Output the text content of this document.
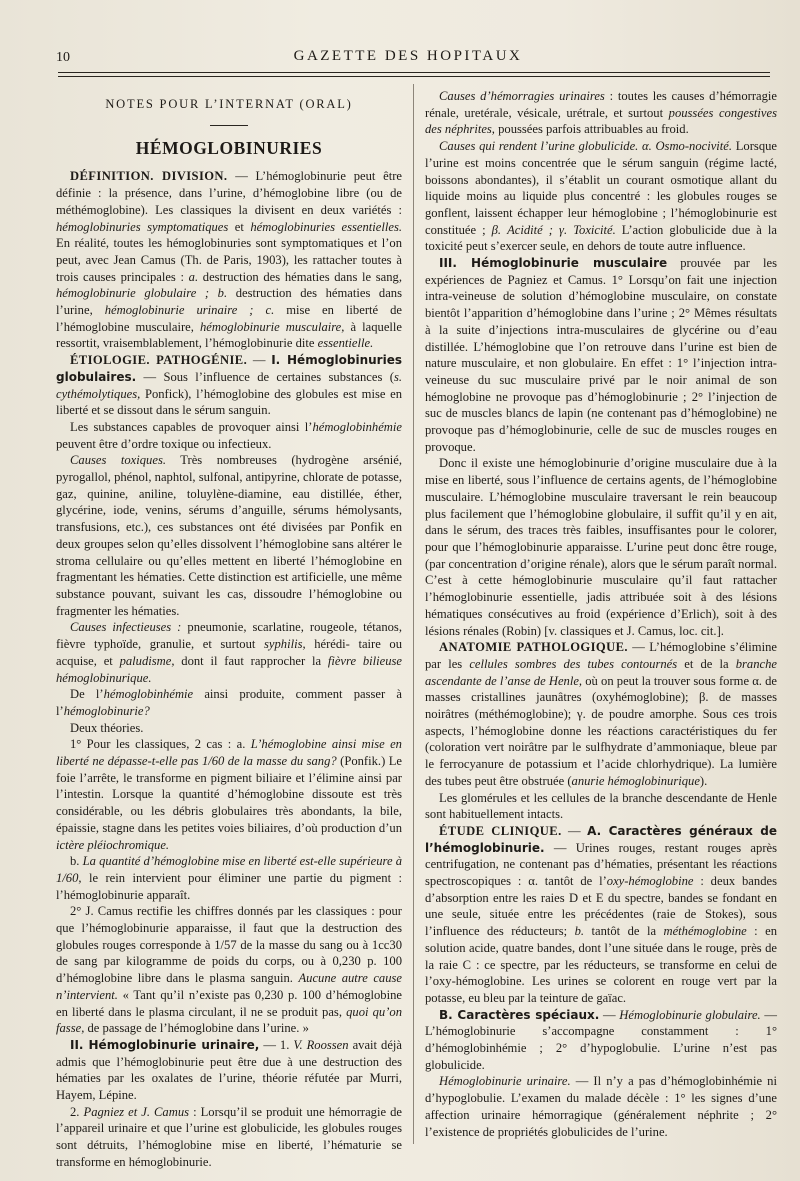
10	GAZETTE DES HOPITAUX
NOTES POUR L’INTERNAT (ORAL)
HÉMOGLOBINURIES

DÉFINITION. DIVISION. — L’hémoglobinurie peut être définie : la présence, dans l’urine, d’hémoglobine libre (ou de méthémoglobine). Les classiques la divisent en deux variétés : hémoglobinuries symptomatiques et hémoglobinuries essentielles. En réalité, toutes les hémoglobinuries sont symptomatiques et l’on peut, avec Jean Camus (Th. de Paris, 1903), les rattacher toutes à trois causes principales : a. destruction des hématies dans le sang, hémoglobinurie globulaire ; b. destruction des hématies dans l’urine, hémoglobinurie urinaire ; c. mise en liberté de l’hémoglobine musculaire, hémoglobinurie musculaire, à laquelle ressortit, vraisemblablement, l’hémoglobinurie dite essentielle.

ÉTIOLOGIE. PATHOGÉNIE. — I. Hémoglobinuries globulaires. — Sous l’influence de certaines substances (s. cythémolytiques, Ponfick), l’hémoglobine des globules est mise en liberté et se dissout dans le sérum sanguin.

Les substances capables de provoquer ainsi l’hémoglobinhémie peuvent être d’ordre toxique ou infectieux.

Causes toxiques. Très nombreuses (hydrogène arsénié, pyrogallol, phénol, naphtol, sulfonal, antipyrine, chlorate de potasse, gaz, quinine, aniline, toluylène-diamine, eau distillée, éther, glycérine, iode, venins, sérums d’anguille, sérums hémolysants, transfusions, etc.), ces substances ont été divisées par Ponfik en deux groupes selon qu’elles dissolvent l’hémoglobine sans altérer le stroma cellulaire ou qu’elles mettent en liberté l’hémoglobine en fragmentant les hématies. Cette distinction est artificielle, une même substance pouvant, suivant les cas, dissoudre l’hémoglobine ou fragmenter les hématies.

Causes infectieuses : pneumonie, scarlatine, rougeole, tétanos, fièvre typhoïde, granulie, et surtout syphilis, hérédi- taire ou acquise, et paludisme, dont il faut rapprocher la fièvre bilieuse hémoglobinurique.

De l’hémoglobinhémie ainsi produite, comment passer à l’hémoglobinurie?

Deux théories.

1° Pour les classiques, 2 cas : a. L’hémoglobine ainsi mise en liberté ne dépasse-t-elle pas 1/60 de la masse du sang? (Ponfik.) Le foie l’arrête, le transforme en pigment biliaire et l’élimine ainsi par l’intestin. Lorsque la quantité d’hémoglobine dissoute est très considérable, ou les débris globulaires très abondants, la bile, épaissie, stagne dans les petites voies biliaires, d’où production d’un ictère pléiochromique.

b. La quantité d’hémoglobine mise en liberté est-elle supérieure à 1/60, le rein intervient pour éliminer une partie du pigment : l’hémoglobinurie apparaît.

2° J. Camus rectifie les chiffres donnés par les classiques : pour que l’hémoglobinurie apparaisse, il faut que la destruction des globules rouges corresponde à 1/57 de la masse du sang ou à 1cc30 de sang par kilogramme de poids du corps, ou à 0,230 p. 100 d’hémoglobine libre dans le plasma sanguin. Aucune autre cause n’intervient. « Tant qu’il n’existe pas 0,230 p. 100 d’hémoglobine en liberté dans le plasma circulant, il ne se produit pas, quoi qu’on fasse, de passage de l’hémoglobine dans l’urine. »

II. Hémoglobinurie urinaire, — 1. V. Roossen avait déjà admis que l’hémoglobinurie peut être due à une destruction des hématies par les oxalates de l’urine, théorie réfutée par Murri, Hayem, Lépine.

2. Pagniez et J. Camus : Lorsqu’il se produit une hémorragie de l’appareil urinaire et que l’urine est globulicide, les globules rouges sont détruits, l’hémoglobine mise en liberté, l’hématurie se transforme en hémoglobinurie.

Causes d’hémorragies urinaires : toutes les causes d’hémorragie rénale, uretérale, vésicale, urétrale, et surtout poussées congestives des néphrites, poussées parfois attribuables au froid.

Causes qui rendent l’urine globulicide. α. Osmo-nocivité. Lorsque l’urine est moins concentrée que le sérum sanguin (régime lacté, boissons abondantes), il s’établit un courant osmotique allant du liquide moins au liquide plus concentré : les globules rouges se gonflent, laissent échapper leur hémoglobine ; l’hémoglobinurie est constituée ; β. Acidité ; γ. Toxicité. L’action globulicide due à la toxicité peut s’exercer seule, en dehors de toute autre influence.

III. Hémoglobinurie musculaire prouvée par les expériences de Pagniez et Camus. 1° Lorsqu’on fait une injection intra-veineuse de solution d’hémoglobine musculaire, on constate bientôt l’apparition d’hémoglobine dans l’urine ; 2° Mêmes résultats à la suite d’injections intra-musculaires de glycérine ou d’eau distillée. L’hémoglobine que l’on retrouve dans l’urine est bien de nature musculaire, et non globulaire. En effet : 1° l’injection intra-veineuse du suc musculaire privé par le noir animal de son hémoglobine ne provoque pas d’hémoglobinurie ; 2° l’injection de suc de muscles blancs de lapin (ne contenant pas d’hémoglobine) ne provoque pas d’hémoglobinurie, celle de suc de muscles rouges en provoque.

Donc il existe une hémoglobinurie d’origine musculaire due à la mise en liberté, sous l’influence de certains agents, de l’hémoglobine musculaire. L’hémoglobine musculaire traversant le rein beaucoup plus facilement que l’hémoglobine globulaire, il suffit qu’il y en ait, dans le sérum, des traces très faibles, insuffisantes pour le colorer, pour que l’hémoglobinurie apparaisse. L’urine peut donc être rouge, (par concentration d’origine rénale), alors que le sérum paraît normal. C’est à cette hémoglobinurie musculaire qu’il faut rattacher l’hémoglobinurie essentielle, jadis attribuée soit à des lésions hématiques consécutives au froid (expérience d’Erlich), soit à des lésions rénales (Robin) [v. classiques et J. Camus, loc. cit.].

ANATOMIE PATHOLOGIQUE. — L’hémoglobine s’élimine par les cellules sombres des tubes contournés et de la branche ascendante de l’anse de Henle, où on peut la trouver sous forme α. de masses cristallines jaunâtres (oxyhémoglobine); β. de masses noirâtres (méthémoglobine); γ. de poudre amorphe. Sous ces trois aspects, l’hémoglobine donne les réactions caractéristiques du fer (coloration vert noirâtre par le sulfhydrate d’ammoniaque, bleue par le ferrocyanure de potassium et l’acide chlorhydrique). La lumière des tubes peut être obstruée (anurie hémoglobinurique).

Les glomérules et les cellules de la branche descendante de Henle sont habituellement intacts.

ÉTUDE CLINIQUE. — A. Caractères généraux de l’hémoglobinurie. — Urines rouges, restant rouges après centrifugation, ne contenant pas d’hématies, présentant les réactions spectroscopiques : α. tantôt de l’oxy-hémoglobine : deux bandes d’absorption entre les raies D et E du spectre, bandes se fondant en une seule, située entre les précédentes (raie de Stokes), sous l’influence des réducteurs; b. tantôt de la méthémoglobine : en solution acide, quatre bandes, dont l’une située dans le rouge, près de la raie C : ce spectre, par les réducteurs, se transforme en celui de l’oxy-hémoglobine. Les urines se colorent en rouge vert par la potasse, eu bleu par la teinture de gaïac.

B. Caractères spéciaux. — Hémoglobinurie globulaire. — L’hémoglobinurie s’accompagne constamment : 1° d’hémoglobinhémie ; 2° d’hypoglobulie. L’urine n’est pas globulicide.

Hémoglobinurie urinaire. — Il n’y a pas d’hémoglobinhémie ni d’hypoglobulie. L’examen du malade décèle : 1° les signes d’une affection urinaire hémorragique (généralement néphrite ; 2° l’existence de propriétés globulicides de l’urine.
